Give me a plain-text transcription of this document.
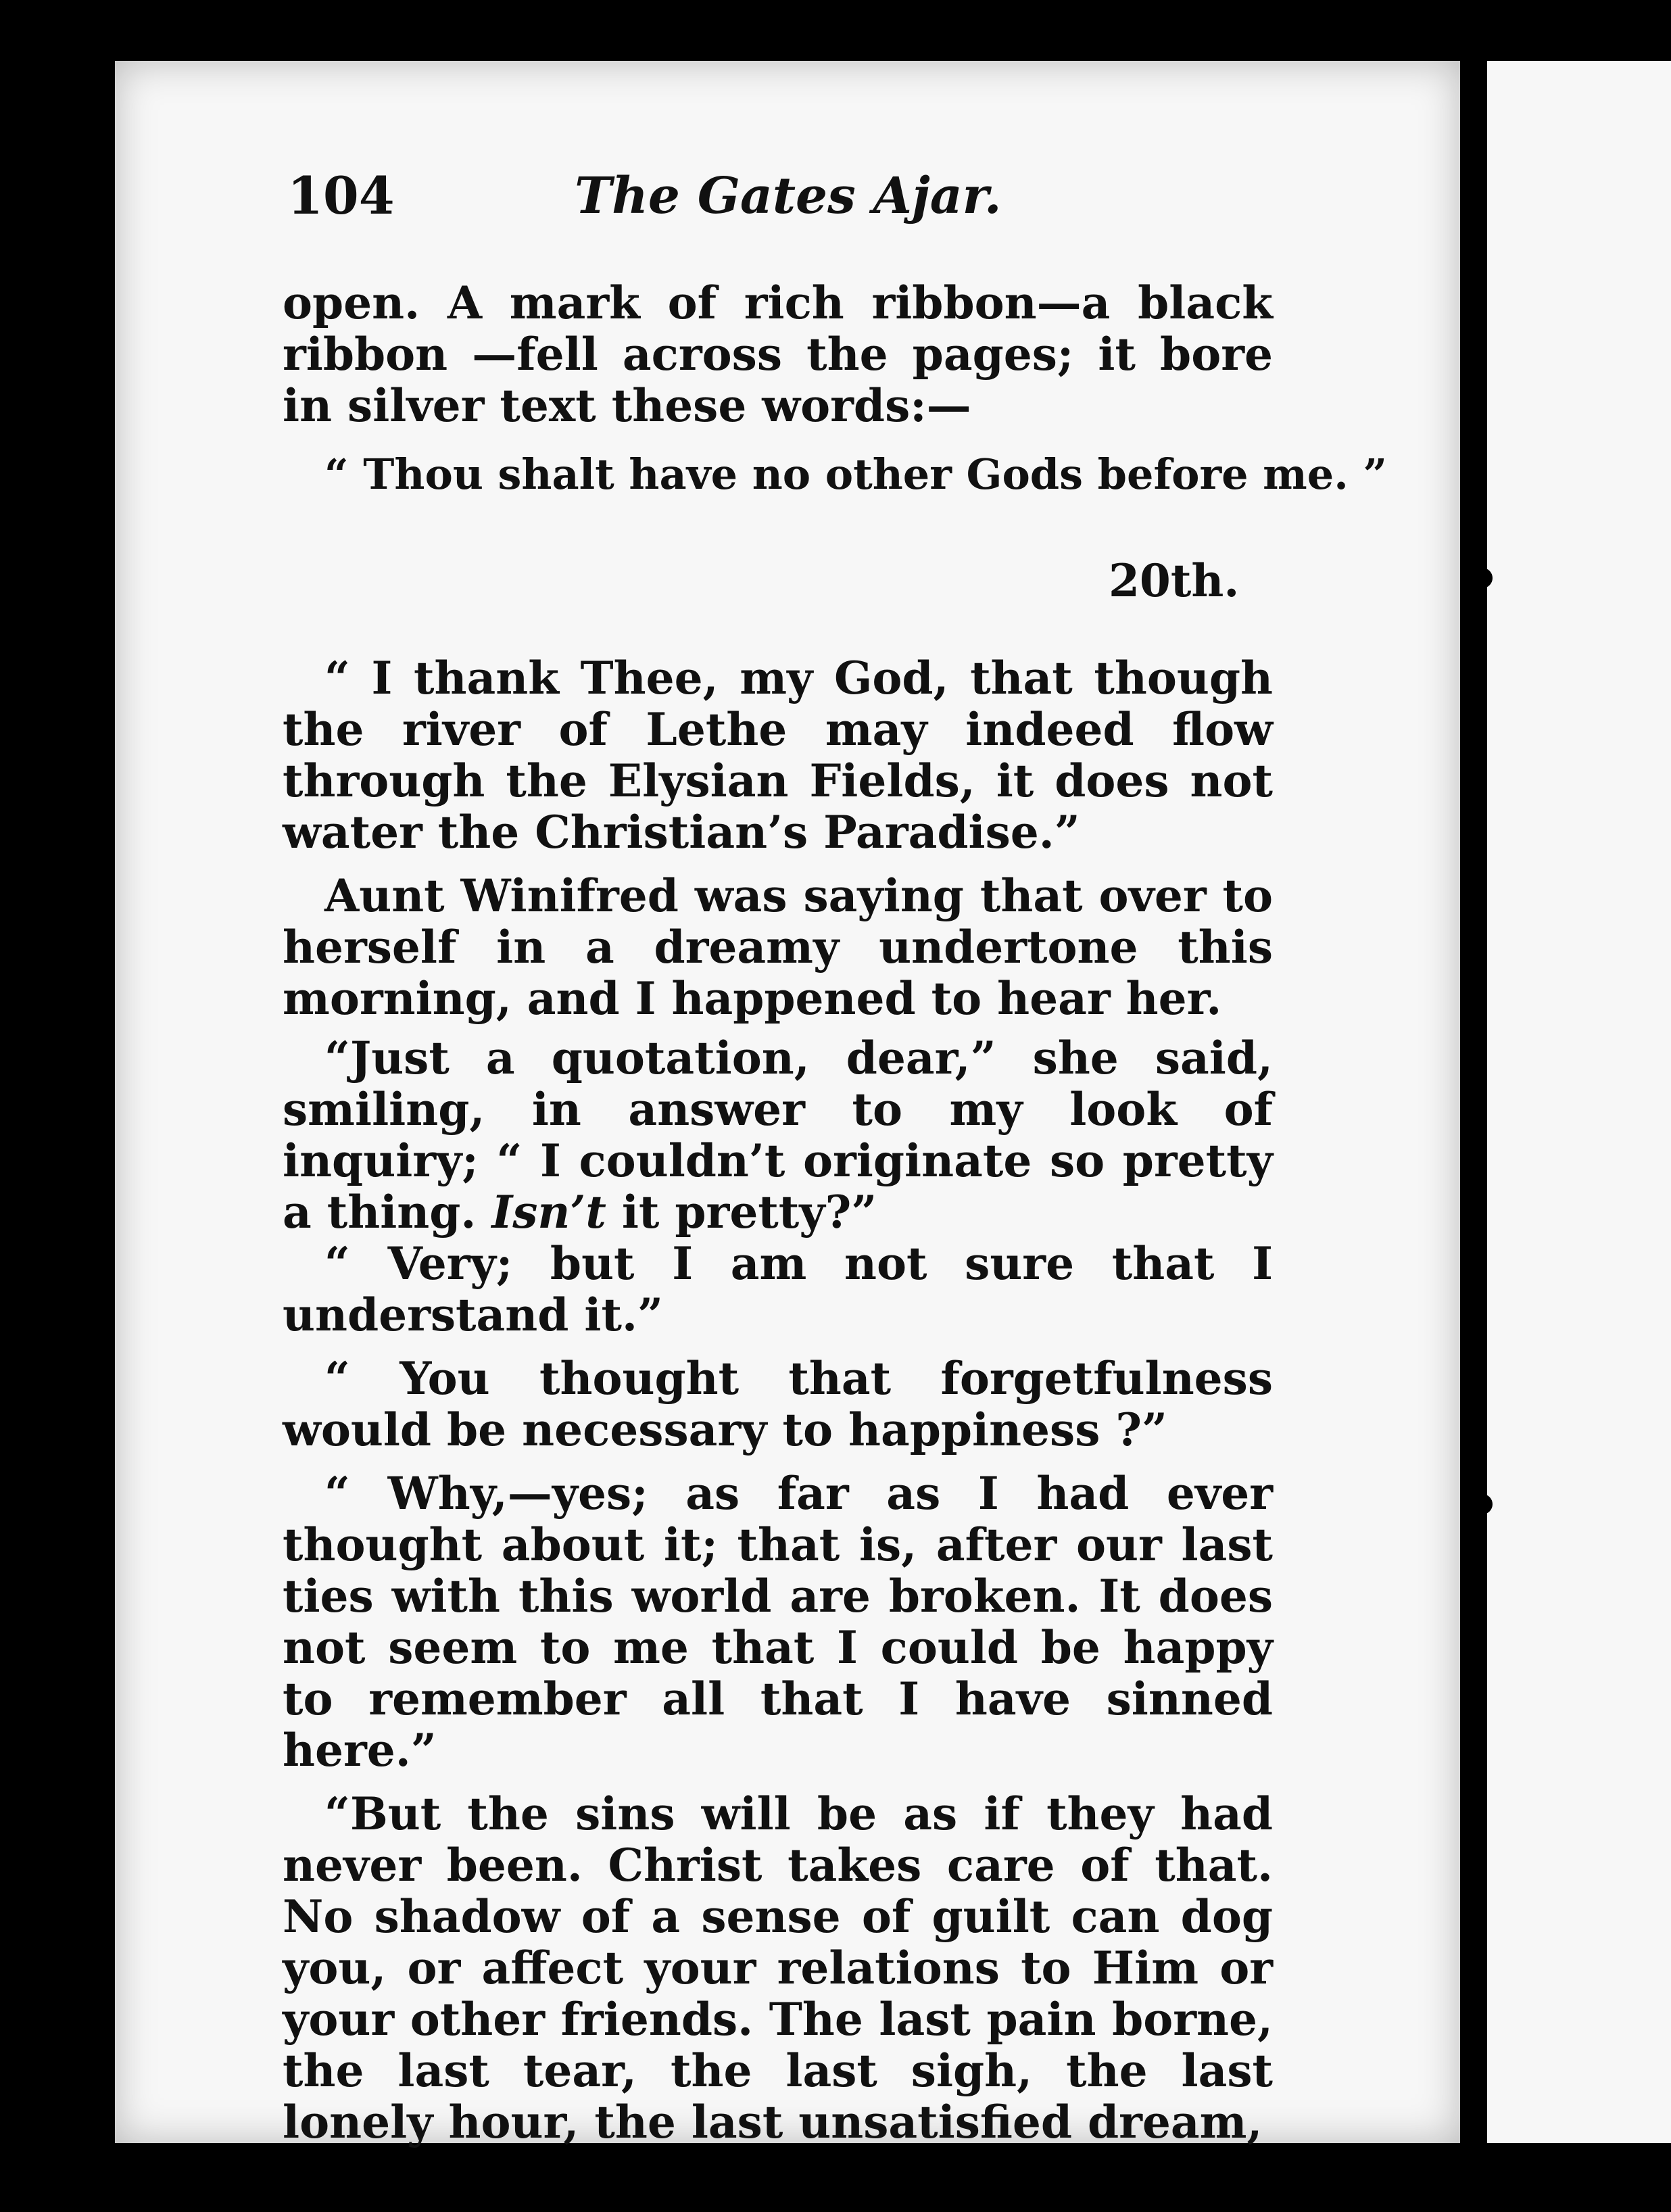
104	The Gates Ajar.

open. A mark of rich ribbon—a black ribbon —fell across the pages; it bore in silver text these words:—

“ Thou shalt have no other Gods before me. ”
20th.

“ I thank Thee, my God, that though the river of Lethe may indeed flow through the Elysian Fields, it does not water the Christian’s Paradise.”

Aunt Winifred was saying that over to herself in a dreamy undertone this morning, and I happened to hear her.

“Just a quotation, dear,” she said, smiling, in answer to my look of inquiry; “ I couldn’t originate so pretty a thing. Isn’t it pretty?”

“ Very; but I am not sure that I understand it.”

“ You thought that forgetfulness would be necessary to happiness ?”

“ Why,—yes; as far as I had ever thought about it; that is, after our last ties with this world are broken. It does not seem to me that I could be happy to remember all that I have sinned here.”

“But the sins will be as if they had never been. Christ takes care of that. No shadow of a sense of guilt can dog you, or affect your relations to Him or your other friends. The last pain borne, the last tear, the last sigh, the last lonely hour, the last unsatisfied dream,
